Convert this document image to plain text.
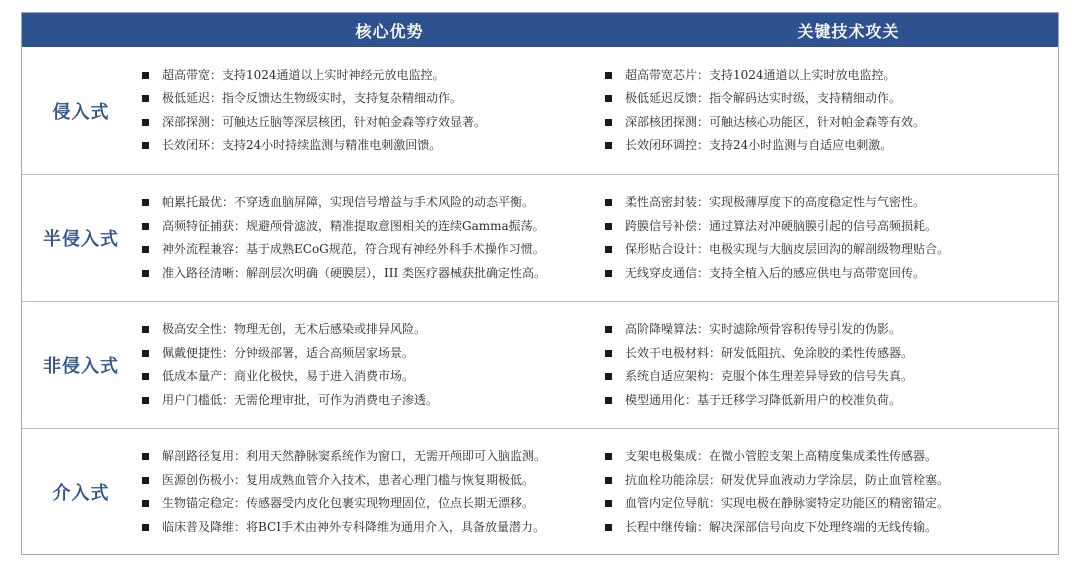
核心优势	关键技术攻关
侵入式
超高带宽：支持1024通道以上实时神经元放电监控。
极低延迟：指令反馈达生物级实时，支持复杂精细动作。
深部探测：可触达丘脑等深层核团，针对帕金森等疗效显著。
长效闭环：支持24小时持续监测与精准电刺激回馈。
超高带宽芯片：支持1024通道以上实时放电监控。
极低延迟反馈：指令解码达实时级，支持精细动作。
深部核团探测：可触达核心功能区，针对帕金森等有效。
长效闭环调控：支持24小时监测与自适应电刺激。
半侵入式
帕累托最优：不穿透血脑屏障，实现信号增益与手术风险的动态平衡。
高频特征捕获：规避颅骨滤波，精准提取意图相关的连续Gamma振荡。
神外流程兼容：基于成熟ECoG规范，符合现有神经外科手术操作习惯。
准入路径清晰：解剖层次明确（硬膜层），III 类医疗器械获批确定性高。
柔性高密封装：实现极薄厚度下的高度稳定性与气密性。
跨膜信号补偿：通过算法对冲硬脑膜引起的信号高频损耗。
保形贴合设计：电极实现与大脑皮层回沟的解剖级物理贴合。
无线穿皮通信：支持全植入后的感应供电与高带宽回传。
非侵入式
极高安全性：物理无创，无术后感染或排异风险。
佩戴便捷性：分钟级部署，适合高频居家场景。
低成本量产：商业化极快，易于进入消费市场。
用户门槛低：无需伦理审批，可作为消费电子渗透。
高阶降噪算法：实时滤除颅骨容积传导引发的伪影。
长效干电极材料：研发低阻抗、免涂胶的柔性传感器。
系统自适应架构：克服个体生理差异导致的信号失真。
模型通用化：基于迁移学习降低新用户的校准负荷。
介入式
解剖路径复用：利用天然静脉窦系统作为窗口，无需开颅即可入脑监测。
医源创伤极小：复用成熟血管介入技术，患者心理门槛与恢复期极低。
生物锚定稳定：传感器受内皮化包裹实现物理固位，位点长期无漂移。
临床普及降维：将BCI手术由神外专科降维为通用介入，具备放量潜力。
支架电极集成：在微小管腔支架上高精度集成柔性传感器。
抗血栓功能涂层：研发优异血液动力学涂层，防止血管栓塞。
血管内定位导航：实现电极在静脉窦特定功能区的精密锚定。
长程中继传输：解决深部信号向皮下处理终端的无线传输。
